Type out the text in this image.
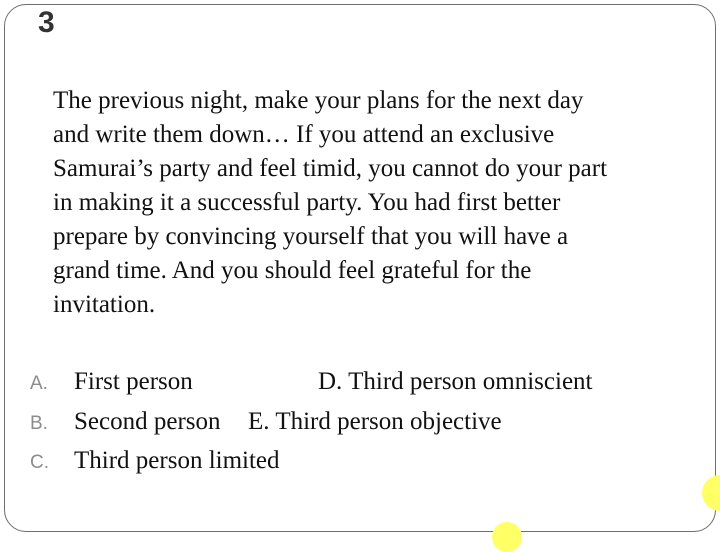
3

The previous night, make your plans for the next day
and write them down… If you attend an exclusive
Samurai’s party and feel timid, you cannot do your part
in making it a successful party. You had first better
prepare by convincing yourself that you will have a
grand time. And you should feel grateful for the
invitation.

A. First person	D. Third person omniscient
B. Second person E. Third person objective
C. Third person limited
